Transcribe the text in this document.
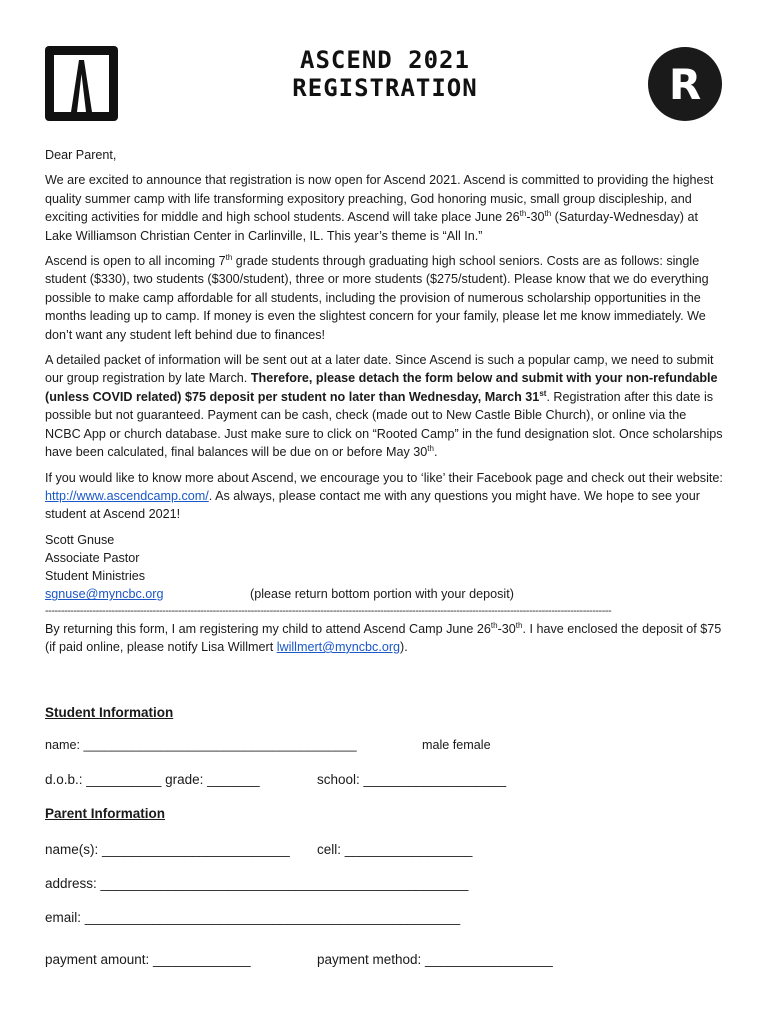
ASCEND 2021
REGISTRATION	R

Dear Parent,

We are excited to announce that registration is now open for Ascend 2021. Ascend is committed to providing the highest quality summer camp with life transforming expository preaching, God honoring music, small group discipleship, and exciting activities for middle and high school students. Ascend will take place June 26th-30th (Saturday-Wednesday) at Lake Williamson Christian Center in Carlinville, IL. This year’s theme is “All In.”

Ascend is open to all incoming 7th grade students through graduating high school seniors. Costs are as follows: single student ($330), two students ($300/student), three or more students ($275/student). Please know that we do everything possible to make camp affordable for all students, including the provision of numerous scholarship opportunities in the months leading up to camp. If money is even the slightest concern for your family, please let me know immediately. We don’t want any student left behind due to finances!

A detailed packet of information will be sent out at a later date. Since Ascend is such a popular camp, we need to submit our group registration by late March. Therefore, please detach the form below and submit with your non-refundable (unless COVID related) $75 deposit per student no later than Wednesday, March 31st. Registration after this date is possible but not guaranteed. Payment can be cash, check (made out to New Castle Bible Church), or online via the NCBC App or church database. Just make sure to click on “Rooted Camp” in the fund designation slot. Once scholarships have been calculated, final balances will be due on or before May 30th.

If you would like to know more about Ascend, we encourage you to ‘like’ their Facebook page and check out their website: http://www.ascendcamp.com/. As always, please contact me with any questions you might have. We hope to see your student at Ascend 2021!

Scott Gnuse
Associate Pastor
Student Ministries
sgnuse@myncbc.org	(please return bottom portion with your deposit)
-----------------------------------------------------------------------------------------------------------------------------------------------------------------------------------

By returning this form, I am registering my child to attend Ascend Camp June 26th-30th. I have enclosed the deposit of $75 (if paid online, please notify Lisa Willmert lwillmert@myncbc.org).

Student Information
name: _______________________________________	male female
d.o.b.: __________ grade: _______	school: ___________________
Parent Information
name(s): _________________________ cell: _________________
address: _________________________________________________
email: __________________________________________________
payment amount: _____________	payment method: _________________
